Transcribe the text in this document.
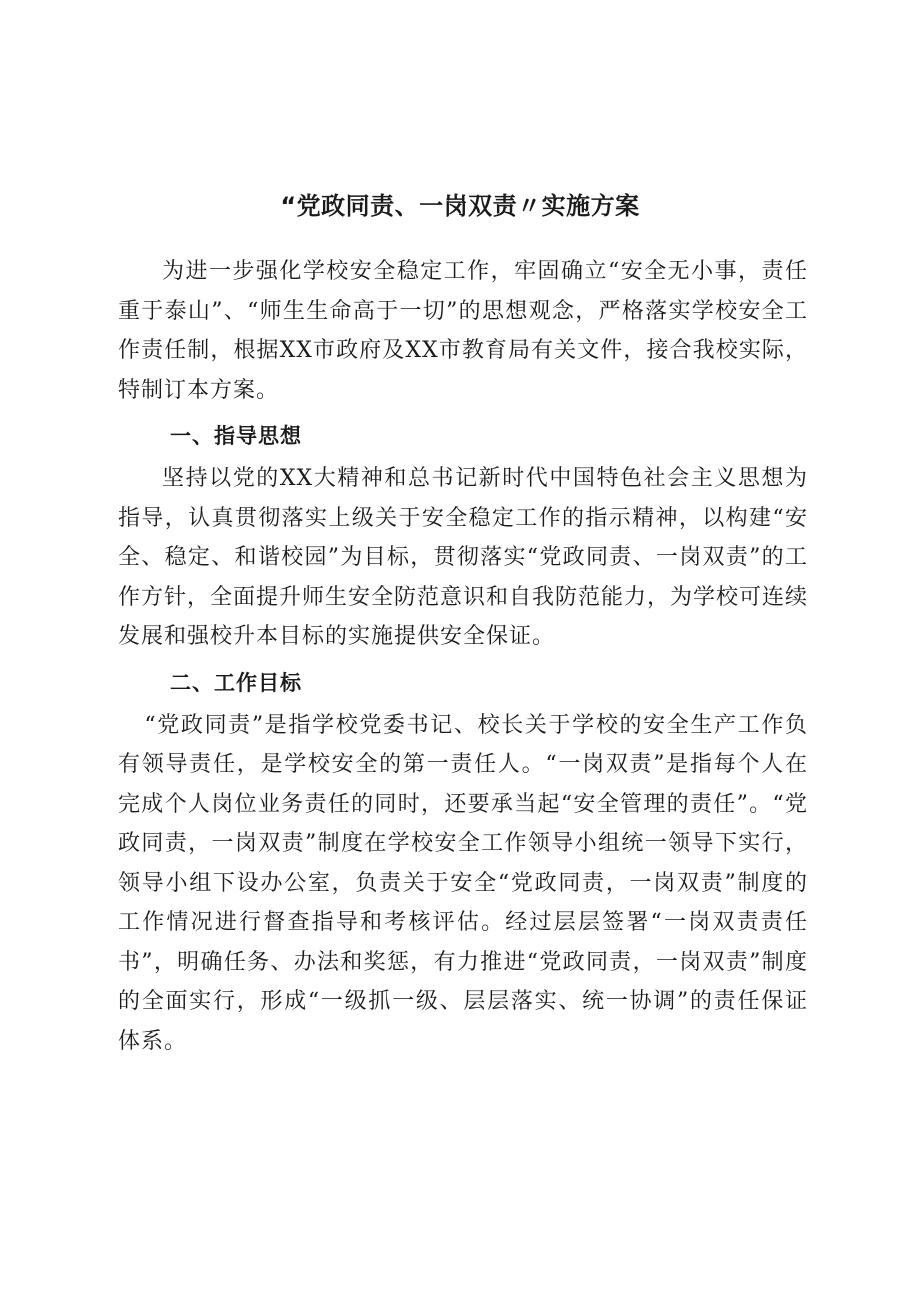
“党政同责、一岗双责〃实施方案

为进一步强化学校安全稳定工作，牢固确立“安全无小事，责任重于泰山”、“师生生命高于一切”的思想观念，严格落实学校安全工作责任制，根据XX市政府及XX市教育局有关文件，接合我校实际，特制订本方案。

一、指导思想

坚持以党的XX大精神和总书记新时代中国特色社会主义思想为指导，认真贯彻落实上级关于安全稳定工作的指示精神，以构建“安全、稳定、和谐校园”为目标，贯彻落实“党政同责、一岗双责”的工作方针，全面提升师生安全防范意识和自我防范能力，为学校可连续发展和强校升本目标的实施提供安全保证。

二、工作目标

“党政同责”是指学校党委书记、校长关于学校的安全生产工作负有领导责任，是学校安全的第一责任人。“一岗双责”是指每个人在完成个人岗位业务责任的同时，还要承当起“安全管理的责任”。“党政同责，一岗双责”制度在学校安全工作领导小组统一领导下实行，领导小组下设办公室，负责关于安全“党政同责，一岗双责”制度的工作情况进行督查指导和考核评估。经过层层签署“一岗双责责任书”，明确任务、办法和奖惩，有力推进“党政同责，一岗双责”制度的全面实行，形成“一级抓一级、层层落实、统一协调”的责任保证体系。
